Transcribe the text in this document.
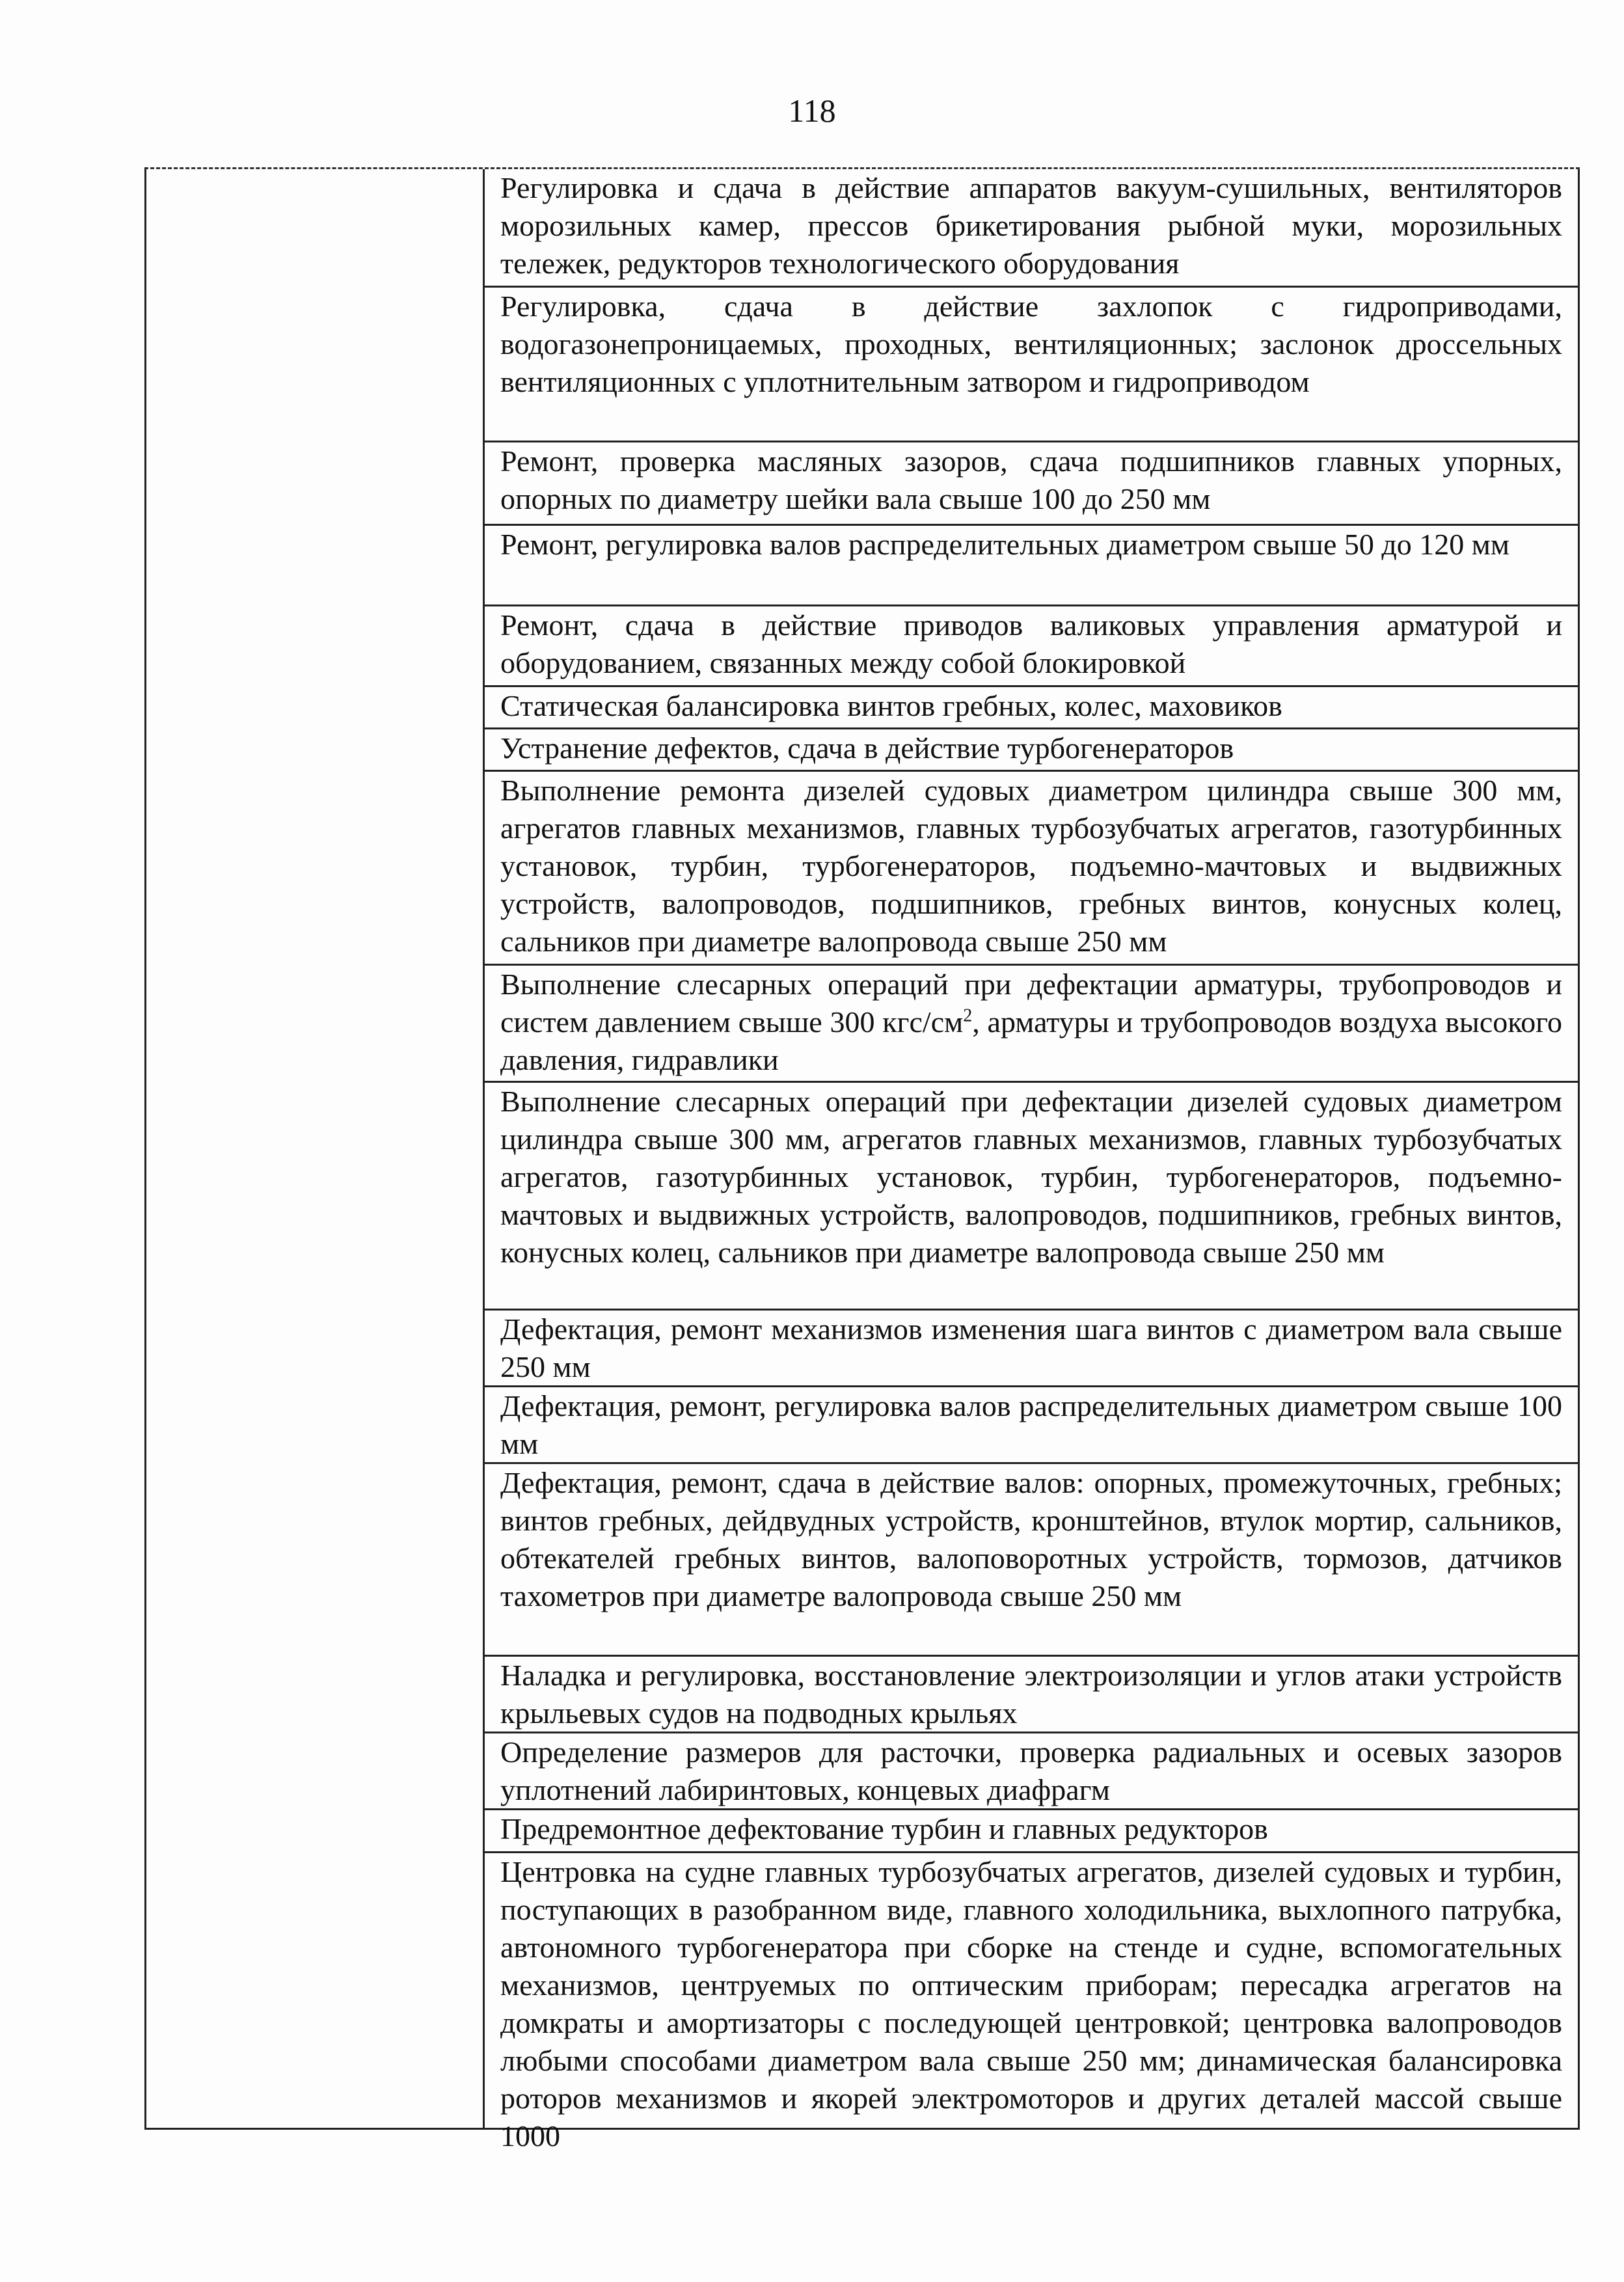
118
Регулировка и сдача в действие аппаратов вакуум-сушильных, вентиляторов морозильных камер, прессов брикетирования рыбной муки, морозильных тележек, редукторов технологического оборудования
Регулировка, сдача в действие захлопок с гидроприводами, водогазонепроницаемых, проходных, вентиляционных; заслонок дроссельных вентиляционных с уплотнительным затвором и гидроприводом
Ремонт, проверка масляных зазоров, сдача подшипников главных упорных, опорных по диаметру шейки вала свыше 100 до 250 мм
Ремонт, регулировка валов распределительных диаметром свыше 50 до 120 мм
Ремонт, сдача в действие приводов валиковых управления арматурой и оборудованием, связанных между собой блокировкой
Статическая балансировка винтов гребных, колес, маховиков
Устранение дефектов, сдача в действие турбогенераторов
Выполнение ремонта дизелей судовых диаметром цилиндра свыше 300 мм, агрегатов главных механизмов, главных турбозубчатых агрегатов, газотурбинных установок, турбин, турбогенераторов, подъемно-мачтовых и выдвижных устройств, валопроводов, подшипников, гребных винтов, конусных колец, сальников при диаметре валопровода свыше 250 мм
Выполнение слесарных операций при дефектации арматуры, трубопроводов и систем давлением свыше 300 кгс/$см^2$, арматуры и трубопроводов воздуха высокого давления, гидравлики
Выполнение слесарных операций при дефектации дизелей судовых диаметром цилиндра свыше 300 мм, агрегатов главных механизмов, главных турбозубчатых агрегатов, газотурбинных установок, турбин, турбогенераторов, подъемно-мачтовых и выдвижных устройств, валопроводов, подшипников, гребных винтов, конусных колец, сальников при диаметре валопровода свыше 250 мм
Дефектация, ремонт механизмов изменения шага винтов с диаметром вала свыше 250 мм
Дефектация, ремонт, регулировка валов распределительных диаметром свыше 100 мм
Дефектация, ремонт, сдача в действие валов: опорных, промежуточных, гребных; винтов гребных, дейдвудных устройств, кронштейнов, втулок мортир, сальников, обтекателей гребных винтов, валоповоротных устройств, тормозов, датчиков тахометров при диаметре валопровода свыше 250 мм
Наладка и регулировка, восстановление электроизоляции и углов атаки устройств крыльевых судов на подводных крыльях
Определение размеров для расточки, проверка радиальных и осевых зазоров уплотнений лабиринтовых, концевых диафрагм
Предремонтное дефектование турбин и главных редукторов
Центровка на судне главных турбозубчатых агрегатов, дизелей судовых и турбин, поступающих в разобранном виде, главного холодильника, выхлопного патрубка, автономного турбогенератора при сборке на стенде и судне, вспомогательных механизмов, центруемых по оптическим приборам; пересадка агрегатов на домкраты и амортизаторы с последующей центровкой; центровка валопроводов любыми способами диаметром вала свыше 250 мм; динамическая балансировка роторов механизмов и якорей электромоторов и других деталей массой свыше 1000
